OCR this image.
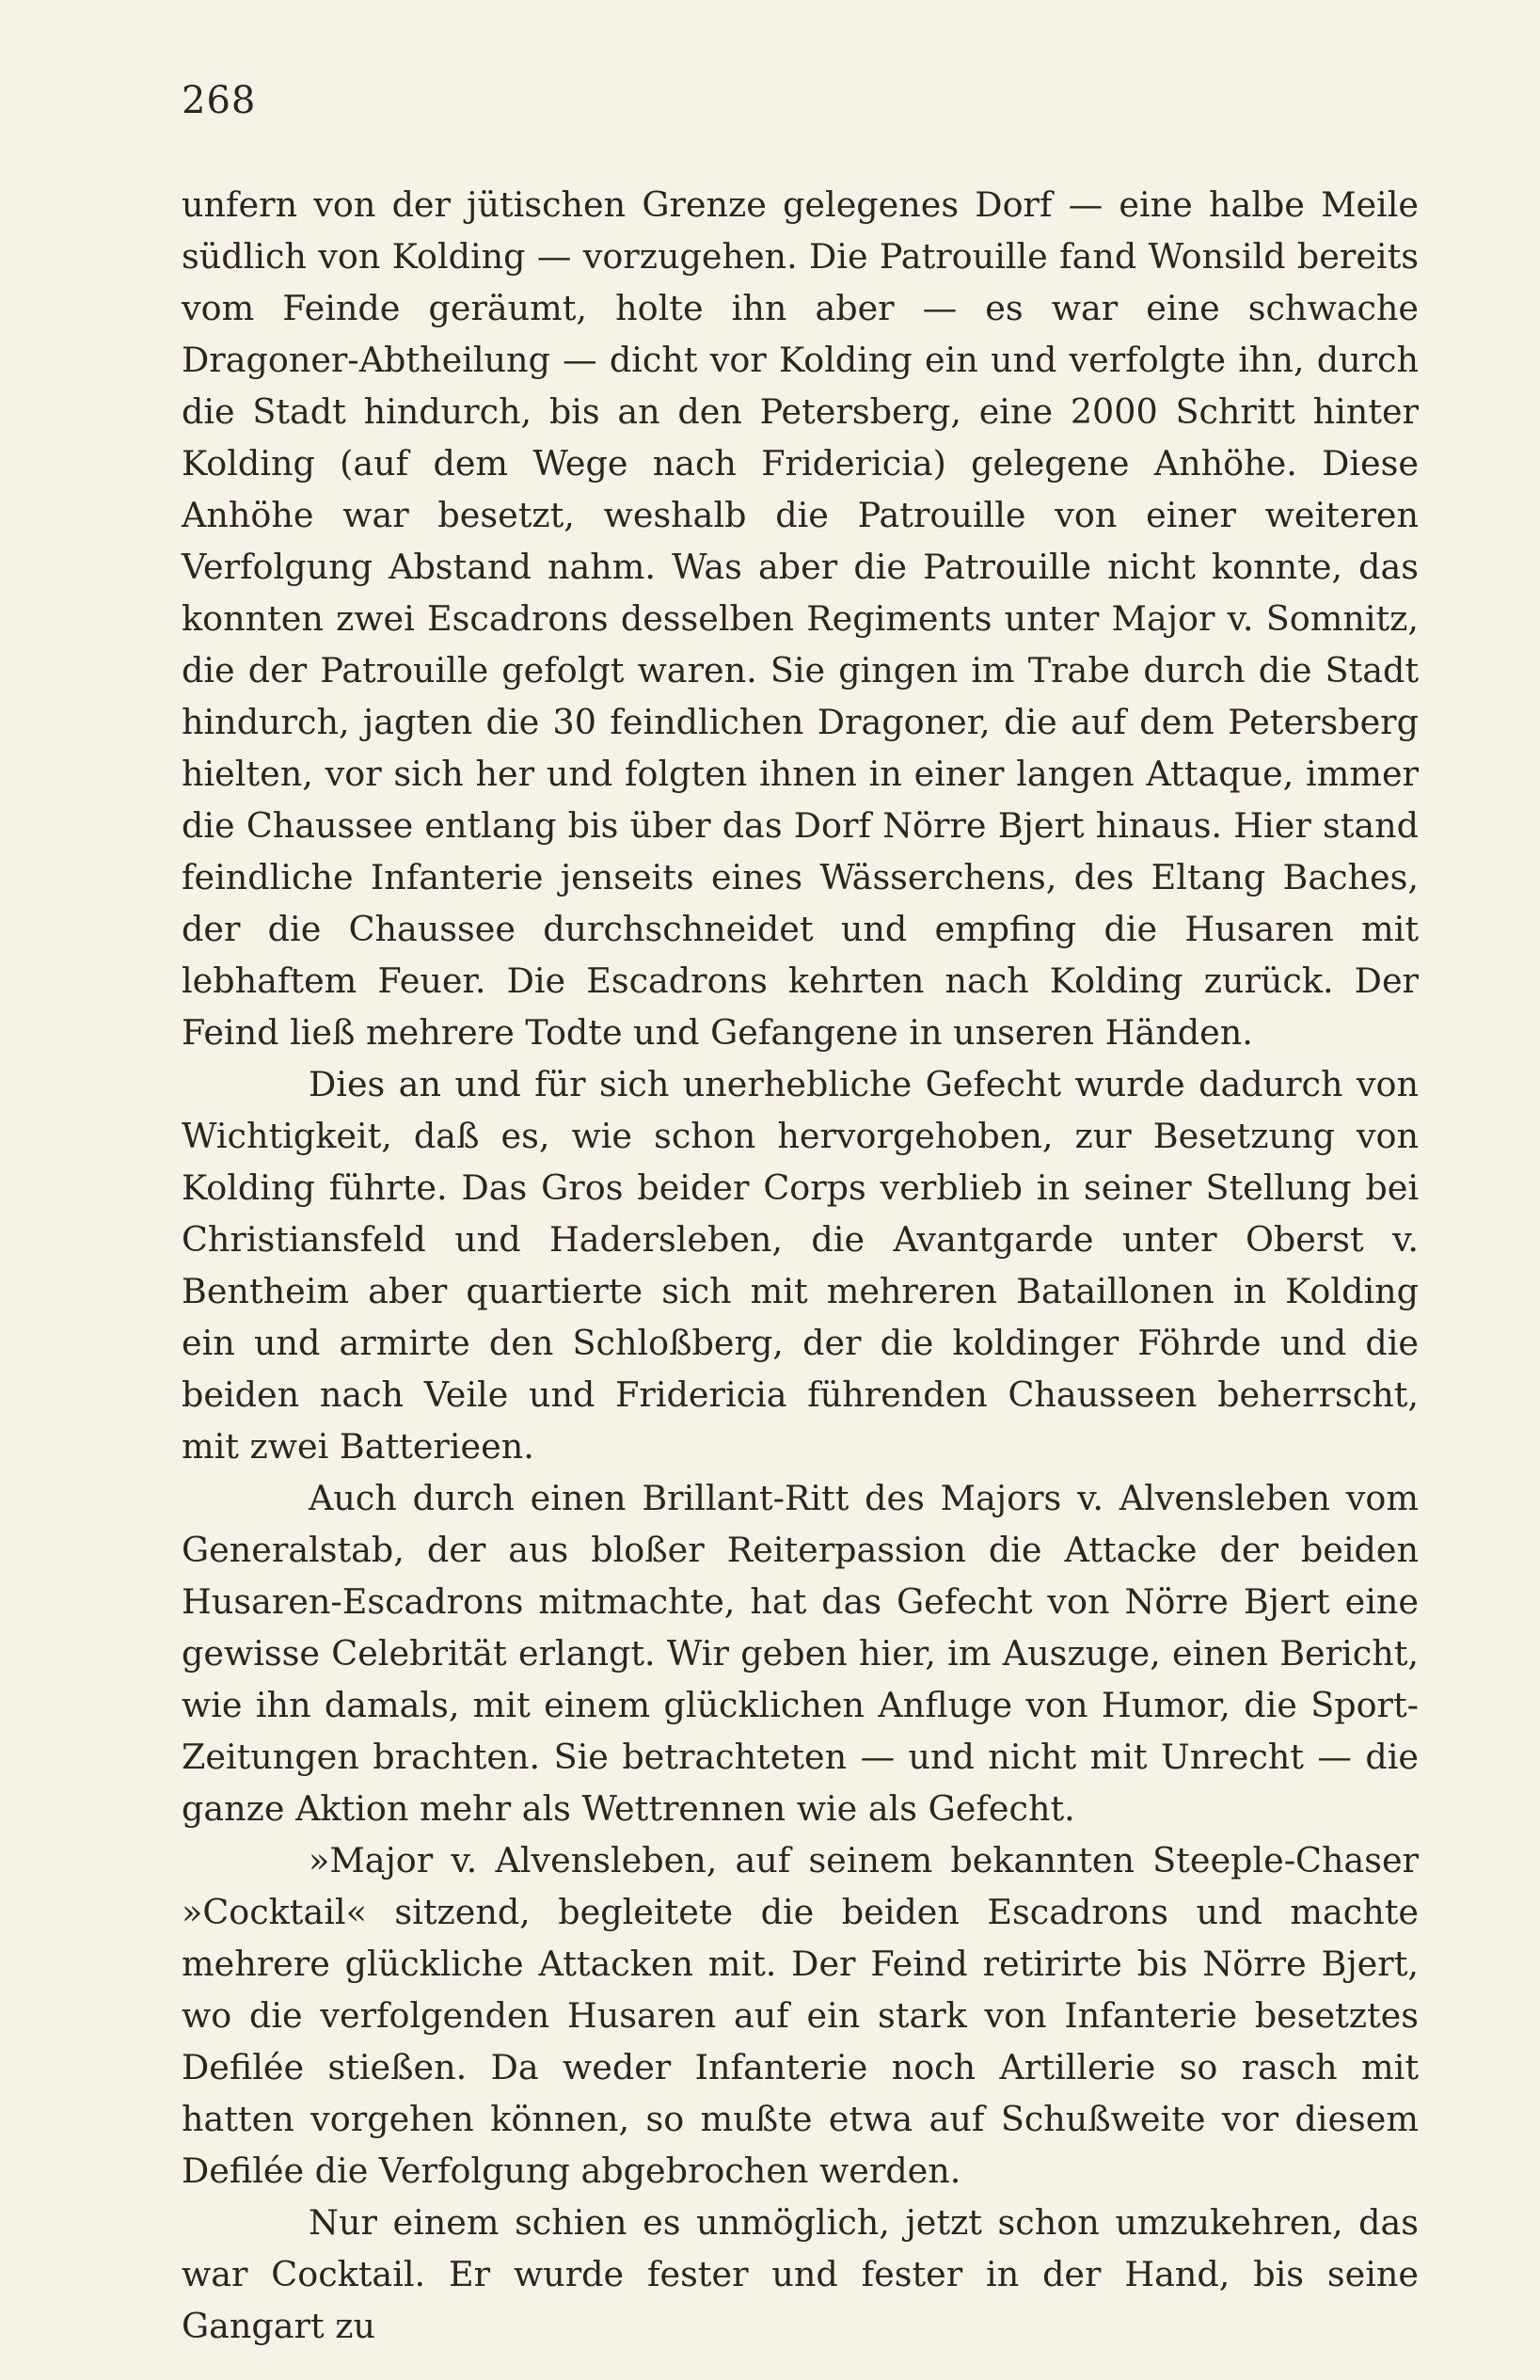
268

unfern von der jütischen Grenze gelegenes Dorf — eine halbe Meile südlich von Kolding — vorzugehen. Die Patrouille fand Wonsild bereits vom Feinde geräumt, holte ihn aber — es war eine schwache Dragoner-Abtheilung — dicht vor Kolding ein und verfolgte ihn, durch die Stadt hindurch, bis an den Petersberg, eine 2000 Schritt hinter Kolding (auf dem Wege nach Fridericia) gelegene Anhöhe. Diese Anhöhe war besetzt, weshalb die Patrouille von einer weiteren Verfolgung Abstand nahm. Was aber die Patrouille nicht konnte, das konnten zwei Escadrons desselben Regiments unter Major v. Somnitz, die der Patrouille gefolgt waren. Sie gingen im Trabe durch die Stadt hindurch, jagten die 30 feindlichen Dragoner, die auf dem Petersberg hielten, vor sich her und folgten ihnen in einer langen Attaque, immer die Chaussee entlang bis über das Dorf Nörre Bjert hinaus. Hier stand feindliche Infanterie jenseits eines Wässerchens, des Eltang Baches, der die Chaussee durchschneidet und empfing die Husaren mit lebhaftem Feuer. Die Escadrons kehrten nach Kolding zurück. Der Feind ließ mehrere Todte und Gefangene in unseren Händen.

Dies an und für sich unerhebliche Gefecht wurde dadurch von Wichtigkeit, daß es, wie schon hervorgehoben, zur Besetzung von Kolding führte. Das Gros beider Corps verblieb in seiner Stellung bei Christiansfeld und Hadersleben, die Avantgarde unter Oberst v. Bentheim aber quartierte sich mit mehreren Bataillonen in Kolding ein und armirte den Schloßberg, der die koldinger Föhrde und die beiden nach Veile und Fridericia führenden Chausseen beherrscht, mit zwei Batterieen.

Auch durch einen Brillant-Ritt des Majors v. Alvensleben vom Generalstab, der aus bloßer Reiterpassion die Attacke der beiden Husaren-Escadrons mitmachte, hat das Gefecht von Nörre Bjert eine gewisse Celebrität erlangt. Wir geben hier, im Auszuge, einen Bericht, wie ihn damals, mit einem glücklichen Anfluge von Humor, die Sport-Zeitungen brachten. Sie betrachteten — und nicht mit Unrecht — die ganze Aktion mehr als Wettrennen wie als Gefecht.

»Major v. Alvensleben, auf seinem bekannten Steeple-Chaser »Cocktail« sitzend, begleitete die beiden Escadrons und machte mehrere glückliche Attacken mit. Der Feind retirirte bis Nörre Bjert, wo die verfolgenden Husaren auf ein stark von Infanterie besetztes Defilée stießen. Da weder Infanterie noch Artillerie so rasch mit hatten vorgehen können, so mußte etwa auf Schußweite vor diesem Defilée die Verfolgung abgebrochen werden.

Nur einem schien es unmöglich, jetzt schon umzukehren, das war Cocktail. Er wurde fester und fester in der Hand, bis seine Gangart zu
